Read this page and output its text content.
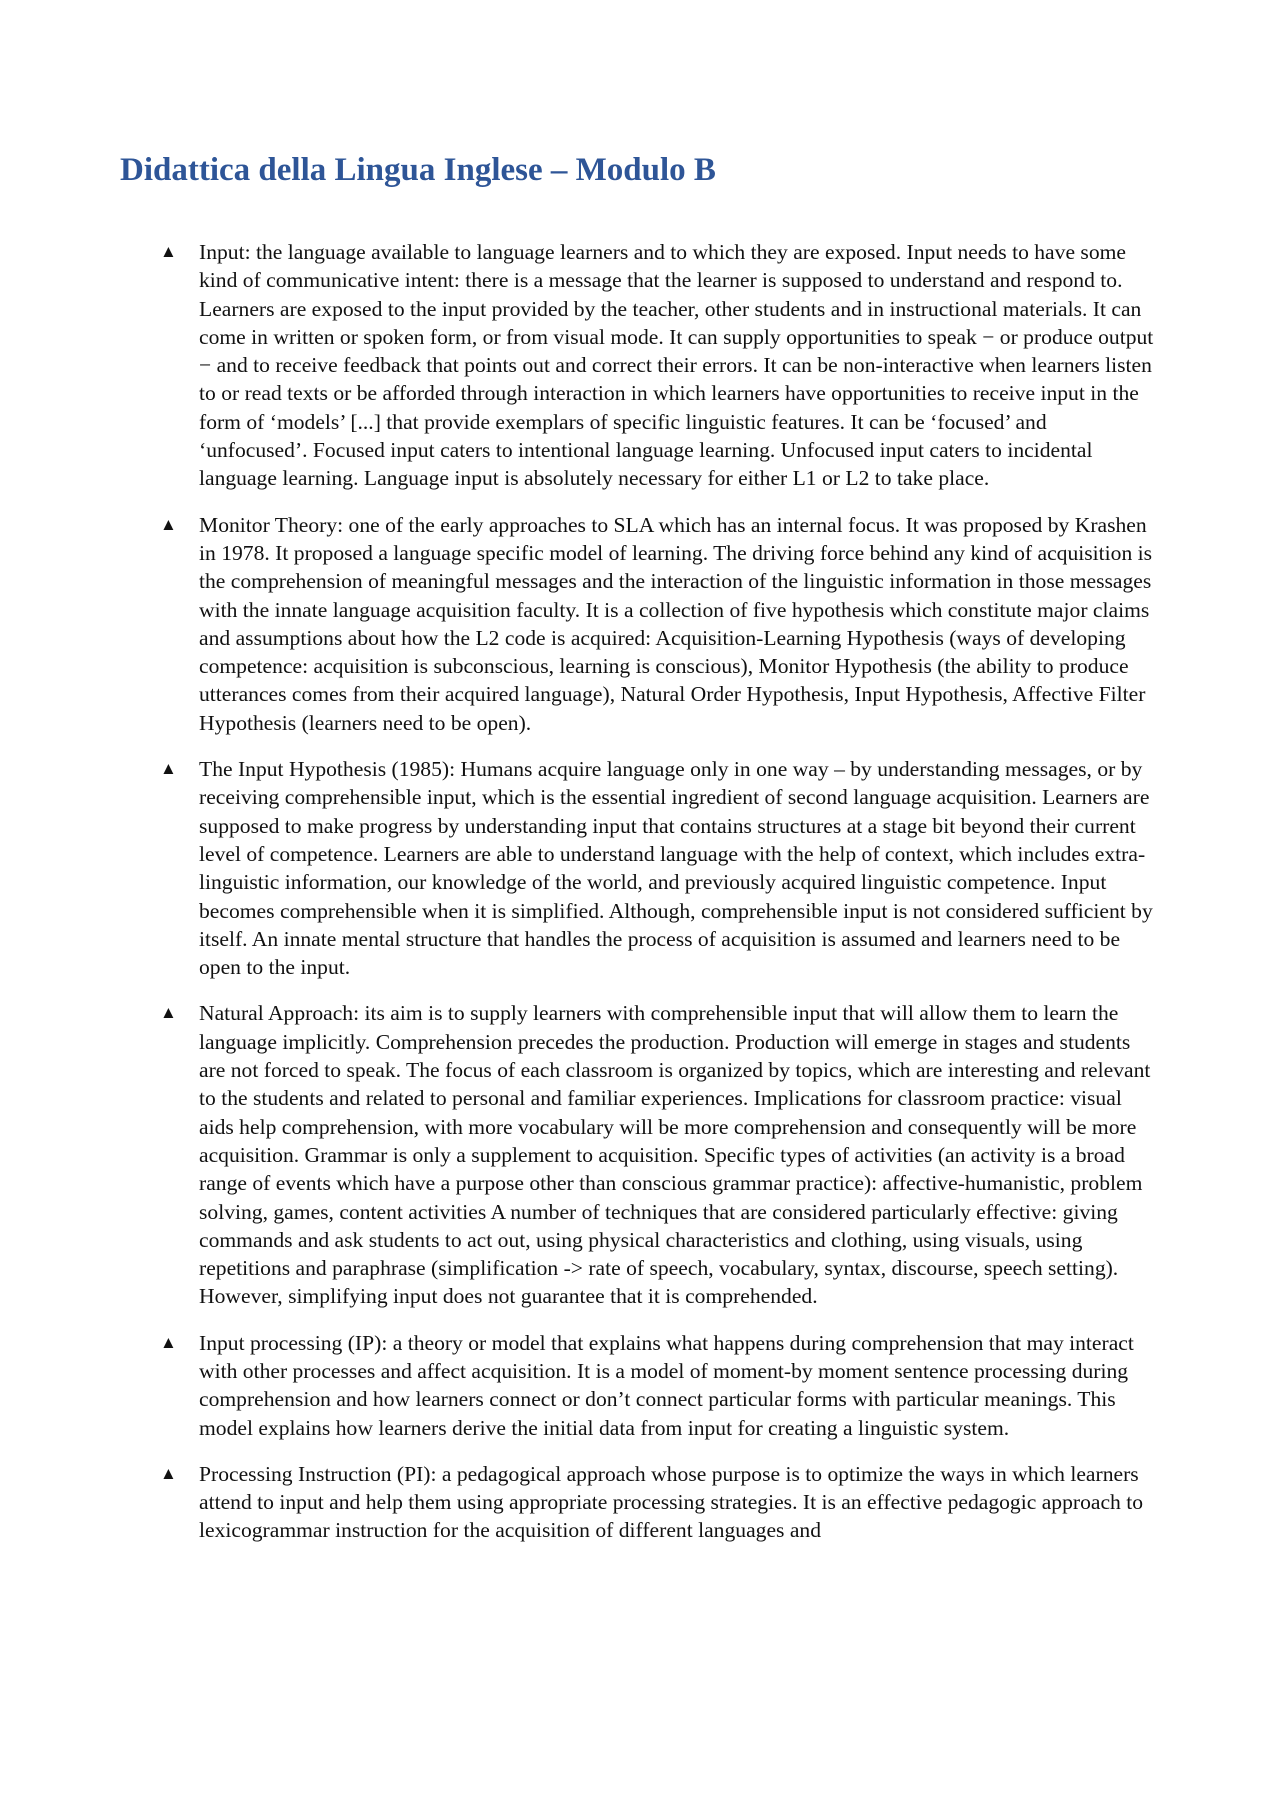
Didattica della Lingua Inglese – Modulo B
▲	Input: the language available to language learners and to which they are exposed. Input needs to have some kind of communicative intent: there is a message that the learner is supposed to understand and respond to. Learners are exposed to the input provided by the teacher, other students and in instructional materials. It can come in written or spoken form, or from visual mode. It can supply opportunities to speak − or produce output − and to receive feedback that points out and correct their errors. It can be non-interactive when learners listen to or read texts or be afforded through interaction in which learners have opportunities to receive input in the form of ‘models’ [...] that provide exemplars of specific linguistic features. It can be ‘focused’ and ‘unfocused’. Focused input caters to intentional language learning. Unfocused input caters to incidental language learning. Language input is absolutely necessary for either L1 or L2 to take place.
▲	Monitor Theory: one of the early approaches to SLA which has an internal focus. It was proposed by Krashen in 1978. It proposed a language specific model of learning. The driving force behind any kind of acquisition is the comprehension of meaningful messages and the interaction of the linguistic information in those messages with the innate language acquisition faculty. It is a collection of five hypothesis which constitute major claims and assumptions about how the L2 code is acquired: Acquisition-Learning Hypothesis (ways of developing competence: acquisition is subconscious, learning is conscious), Monitor Hypothesis (the ability to produce utterances comes from their acquired language), Natural Order Hypothesis, Input Hypothesis, Affective Filter Hypothesis (learners need to be open).
▲	The Input Hypothesis (1985): Humans acquire language only in one way – by understanding messages, or by receiving comprehensible input, which is the essential ingredient of second language acquisition. Learners are supposed to make progress by understanding input that contains structures at a stage bit beyond their current level of competence. Learners are able to understand language with the help of context, which includes extra-linguistic information, our knowledge of the world, and previously acquired linguistic competence. Input becomes comprehensible when it is simplified. Although, comprehensible input is not considered sufficient by itself. An innate mental structure that handles the process of acquisition is assumed and learners need to be open to the input.
▲	Natural Approach: its aim is to supply learners with comprehensible input that will allow them to learn the language implicitly. Comprehension precedes the production. Production will emerge in stages and students are not forced to speak. The focus of each classroom is organized by topics, which are interesting and relevant to the students and related to personal and familiar experiences. Implications for classroom practice: visual aids help comprehension, with more vocabulary will be more comprehension and consequently will be more acquisition. Grammar is only a supplement to acquisition. Specific types of activities (an activity is a broad range of events which have a purpose other than conscious grammar practice): affective-humanistic, problem solving, games, content activities A number of techniques that are considered particularly effective: giving commands and ask students to act out, using physical characteristics and clothing, using visuals, using repetitions and paraphrase (simplification -> rate of speech, vocabulary, syntax, discourse, speech setting). However, simplifying input does not guarantee that it is comprehended.
▲	Input processing (IP): a theory or model that explains what happens during comprehension that may interact with other processes and affect acquisition. It is a model of moment-by moment sentence processing during comprehension and how learners connect or don’t connect particular forms with particular meanings. This model explains how learners derive the initial data from input for creating a linguistic system.
▲	Processing Instruction (PI): a pedagogical approach whose purpose is to optimize the ways in which learners attend to input and help them using appropriate processing strategies. It is an effective pedagogic approach to lexicogrammar instruction for the acquisition of different languages and
